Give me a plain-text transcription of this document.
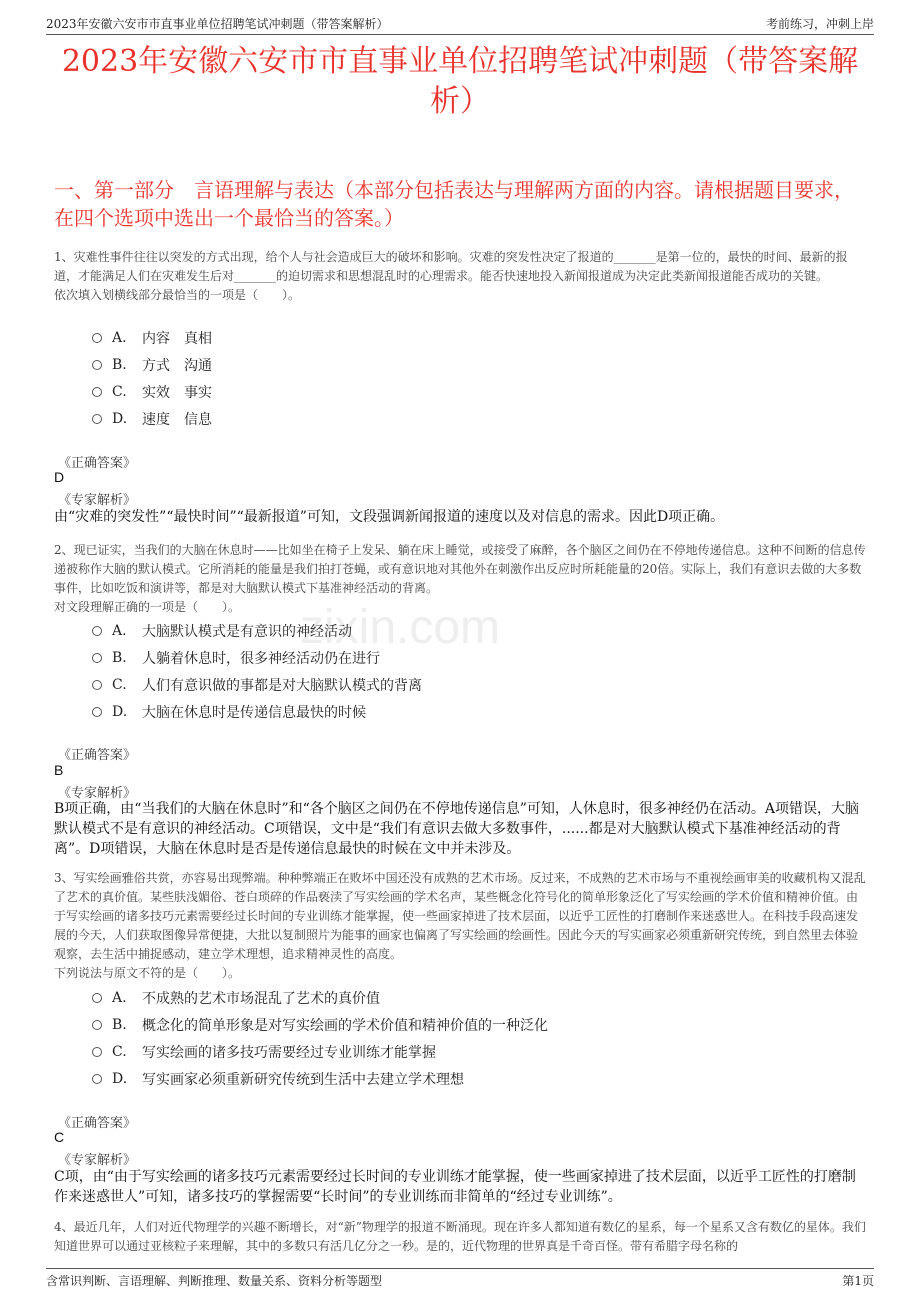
2023年安徽六安市市直事业单位招聘笔试冲刺题（带答案解析）	考前练习，冲刺上岸
2023年安徽六安市市直事业单位招聘笔试冲刺题（带答案解析）
一、第一部分　言语理解与表达（本部分包括表达与理解两方面的内容。请根据题目要求，在四个选项中选出一个最恰当的答案。）
zixin.com
1、灾难性事件往往以突发的方式出现，给个人与社会造成巨大的破坏和影响。灾难的突发性决定了报道的_______是第一位的，最快的时间、最新的报道，才能满足人们在灾难发生后对_______的迫切需求和思想混乱时的心理需求。能否快速地投入新闻报道成为决定此类新闻报道能否成功的关键。
依次填入划横线部分最恰当的一项是（　　）。
A.	内容　真相
B.	方式　沟通
C.	实效　事实
D.	速度　信息
《正确答案》
D
《专家解析》
由“灾难的突发性”“最快时间”“最新报道”可知，文段强调新闻报道的速度以及对信息的需求。因此D项正确。
2、现已证实，当我们的大脑在休息时——比如坐在椅子上发呆、躺在床上睡觉，或接受了麻醉，各个脑区之间仍在不停地传递信息。这种不间断的信息传递被称作大脑的默认模式。它所消耗的能量是我们拍打苍蝇，或有意识地对其他外在刺激作出反应时所耗能量的20倍。实际上，我们有意识去做的大多数事件，比如吃饭和演讲等，都是对大脑默认模式下基准神经活动的背离。
对文段理解正确的一项是（　　）。
A.	大脑默认模式是有意识的神经活动
B.	人躺着休息时，很多神经活动仍在进行
C.	人们有意识做的事都是对大脑默认模式的背离
D.	大脑在休息时是传递信息最快的时候
《正确答案》
B
《专家解析》
B项正确，由“当我们的大脑在休息时”和“各个脑区之间仍在不停地传递信息”可知，人休息时，很多神经仍在活动。A项错误，大脑默认模式不是有意识的神经活动。C项错误，文中是“我们有意识去做大多数事件，......都是对大脑默认模式下基准神经活动的背离”。D项错误，大脑在休息时是否是传递信息最快的时候在文中并未涉及。
3、写实绘画雅俗共赏，亦容易出现弊端。种种弊端正在败坏中国还没有成熟的艺术市场。反过来，不成熟的艺术市场与不重视绘画审美的收藏机构又混乱了艺术的真价值。某些肤浅媚俗、苍白琐碎的作品亵渎了写实绘画的学术名声，某些概念化符号化的简单形象泛化了写实绘画的学术价值和精神价值。由于写实绘画的诸多技巧元素需要经过长时间的专业训练才能掌握，使一些画家掉进了技术层面，以近乎工匠性的打磨制作来迷惑世人。在科技手段高速发展的今天，人们获取图像异常便捷，大批以复制照片为能事的画家也偏离了写实绘画的绘画性。因此今天的写实画家必须重新研究传统，到自然里去体验观察，去生活中捕捉感动，建立学术理想，追求精神灵性的高度。
下列说法与原文不符的是（　　）。
A.	不成熟的艺术市场混乱了艺术的真价值
B.	概念化的简单形象是对写实绘画的学术价值和精神价值的一种泛化
C.	写实绘画的诸多技巧需要经过专业训练才能掌握
D.	写实画家必须重新研究传统到生活中去建立学术理想
《正确答案》
C
《专家解析》
C项，由“由于写实绘画的诸多技巧元素需要经过长时间的专业训练才能掌握，使一些画家掉进了技术层面，以近乎工匠性的打磨制作来迷惑世人”可知，诸多技巧的掌握需要“长时间”的专业训练而非简单的“经过专业训练”。
4、最近几年，人们对近代物理学的兴趣不断增长，对“新”物理学的报道不断涌现。现在许多人都知道有数亿的星系，每一个星系又含有数亿的星体。我们知道世界可以通过亚核粒子来理解，其中的多数只有活几亿分之一秒。是的，近代物理的世界真是千奇百怪。带有希腊字母名称的
含常识判断、言语理解、判断推理、数量关系、资料分析等题型	第1页
